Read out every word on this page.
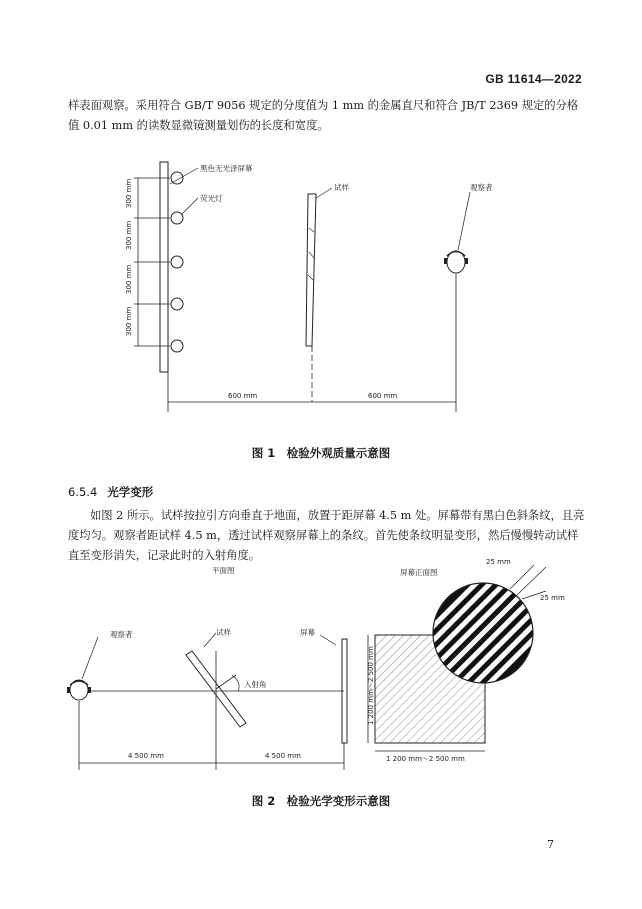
GB 11614—2022
样表面观察。采用符合 GB/T 9056 规定的分度值为 1 mm 的金属直尺和符合 JB/T 2369 规定的分格
值 0.01 mm 的读数显微镜测量划伤的长度和宽度。
300 mm
300 mm
300 mm
300 mm
黑色无光泽屏幕
荧光灯
试样	观察者
600 mm	600 mm
图 1　检验外观质量示意图
6.5.4 光学变形
如图 2 所示。试样按拉引方向垂直于地面，放置于距屏幕 4.5 m 处。屏幕带有黑白色斜条纹，且亮
度均匀。观察者距试样 4.5 m，透过试样观察屏幕上的条纹。首先使条纹明显变形，然后慢慢转动试样
直至变形消失，记录此时的入射角度。
平面图	屏幕正面图
观察者	试样
入射角
屏幕
4 500 mm	4 500 mm
25 mm
25 mm
1 200 mm～2 500 mm
1 200 mm～2 500 mm
图 2　检验光学变形示意图
7
